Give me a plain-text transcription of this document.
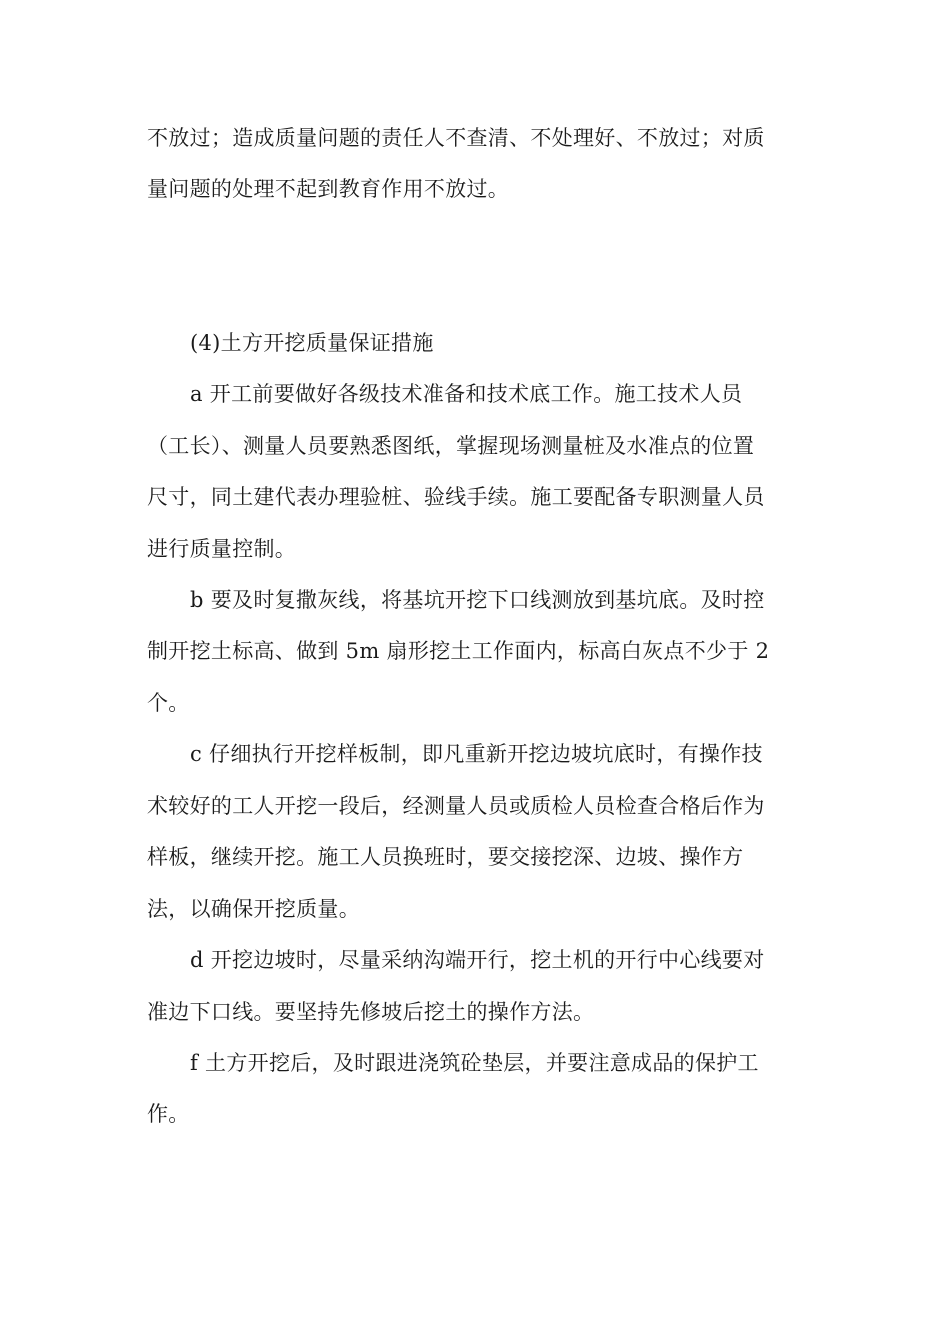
不放过；造成质量问题的责任人不查清、不处理好、不放过；对质
量问题的处理不起到教育作用不放过。
(4)土方开挖质量保证措施
a 开工前要做好各级技术准备和技术底工作。施工技术人员
（工长）、测量人员要熟悉图纸，掌握现场测量桩及水准点的位置
尺寸，同土建代表办理验桩、验线手续。施工要配备专职测量人员
进行质量控制。
b 要及时复撒灰线，将基坑开挖下口线测放到基坑底。及时控
制开挖土标高、做到 5m 扇形挖土工作面内，标高白灰点不少于 2
个。
c 仔细执行开挖样板制，即凡重新开挖边坡坑底时，有操作技
术较好的工人开挖一段后，经测量人员或质检人员检查合格后作为
样板，继续开挖。施工人员换班时，要交接挖深、边坡、操作方
法，以确保开挖质量。
d 开挖边坡时，尽量采纳沟端开行，挖土机的开行中心线要对
准边下口线。要坚持先修坡后挖土的操作方法。
f 土方开挖后，及时跟进浇筑砼垫层，并要注意成品的保护工
作。
